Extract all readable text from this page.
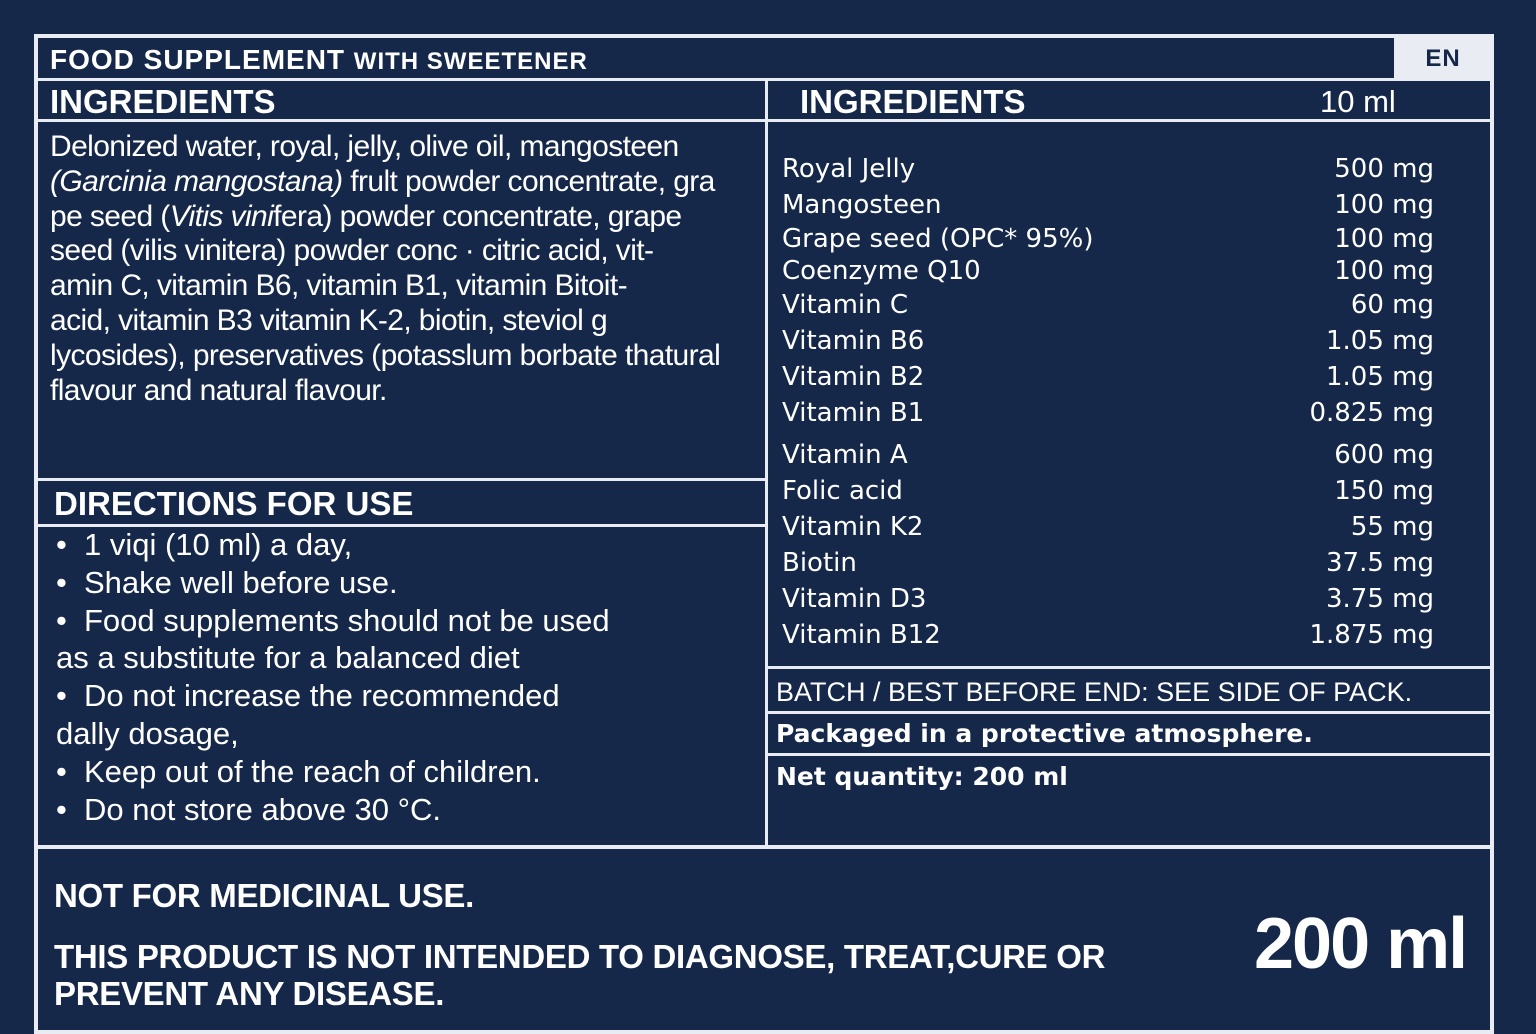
FOOD SUPPLEMENT WITH SWEETENER	EN
INGREDIENTS
Delonized water, royal, jelly, olive oil, mangosteen
(Garcinia mangostana) frult powder concentrate, gra
pe seed (Vitis vinifera) powder concentrate, grape
seed (vilis vinitera) powder conc · citric acid, vit-
amin C, vitamin B6, vitamin B1, vitamin Bitoit-
acid, vitamin B3 vitamin K-2, biotin, steviol g
lycosides), preservatives (potasslum borbate thatural
flavour and natural flavour.
DIRECTIONS FOR USE
• 1 viqi (10 ml) a day,
• Shake well before use.
• Food supplements should not be used
as a substitute for a balanced diet
• Do not increase the recommended
dally dosage,
• Keep out of the reach of children.
• Do not store above 30 °C.
INGREDIENTS	10 ml
Royal Jelly	500 mg
Mangosteen	100 mg
Grape seed (OPC* 95%)	100 mg
Coenzyme Q10	100 mg
Vitamin C	60 mg
Vitamin B6	1.05 mg
Vitamin B2	1.05 mg
Vitamin B1	0.825 mg
Vitamin A	600 mg
Folic acid	150 mg
Vitamin K2	55 mg
Biotin	37.5 mg
Vitamin D3	3.75 mg
Vitamin B12	1.875 mg
BATCH / BEST BEFORE END: SEE SIDE OF PACK.
Packaged in a protective atmosphere.
Net quantity: 200 ml
NOT FOR MEDICINAL USE.
THIS PRODUCT IS NOT INTENDED TO DIAGNOSE, TREAT,CURE OR
PREVENT ANY DISEASE.
200 ml
